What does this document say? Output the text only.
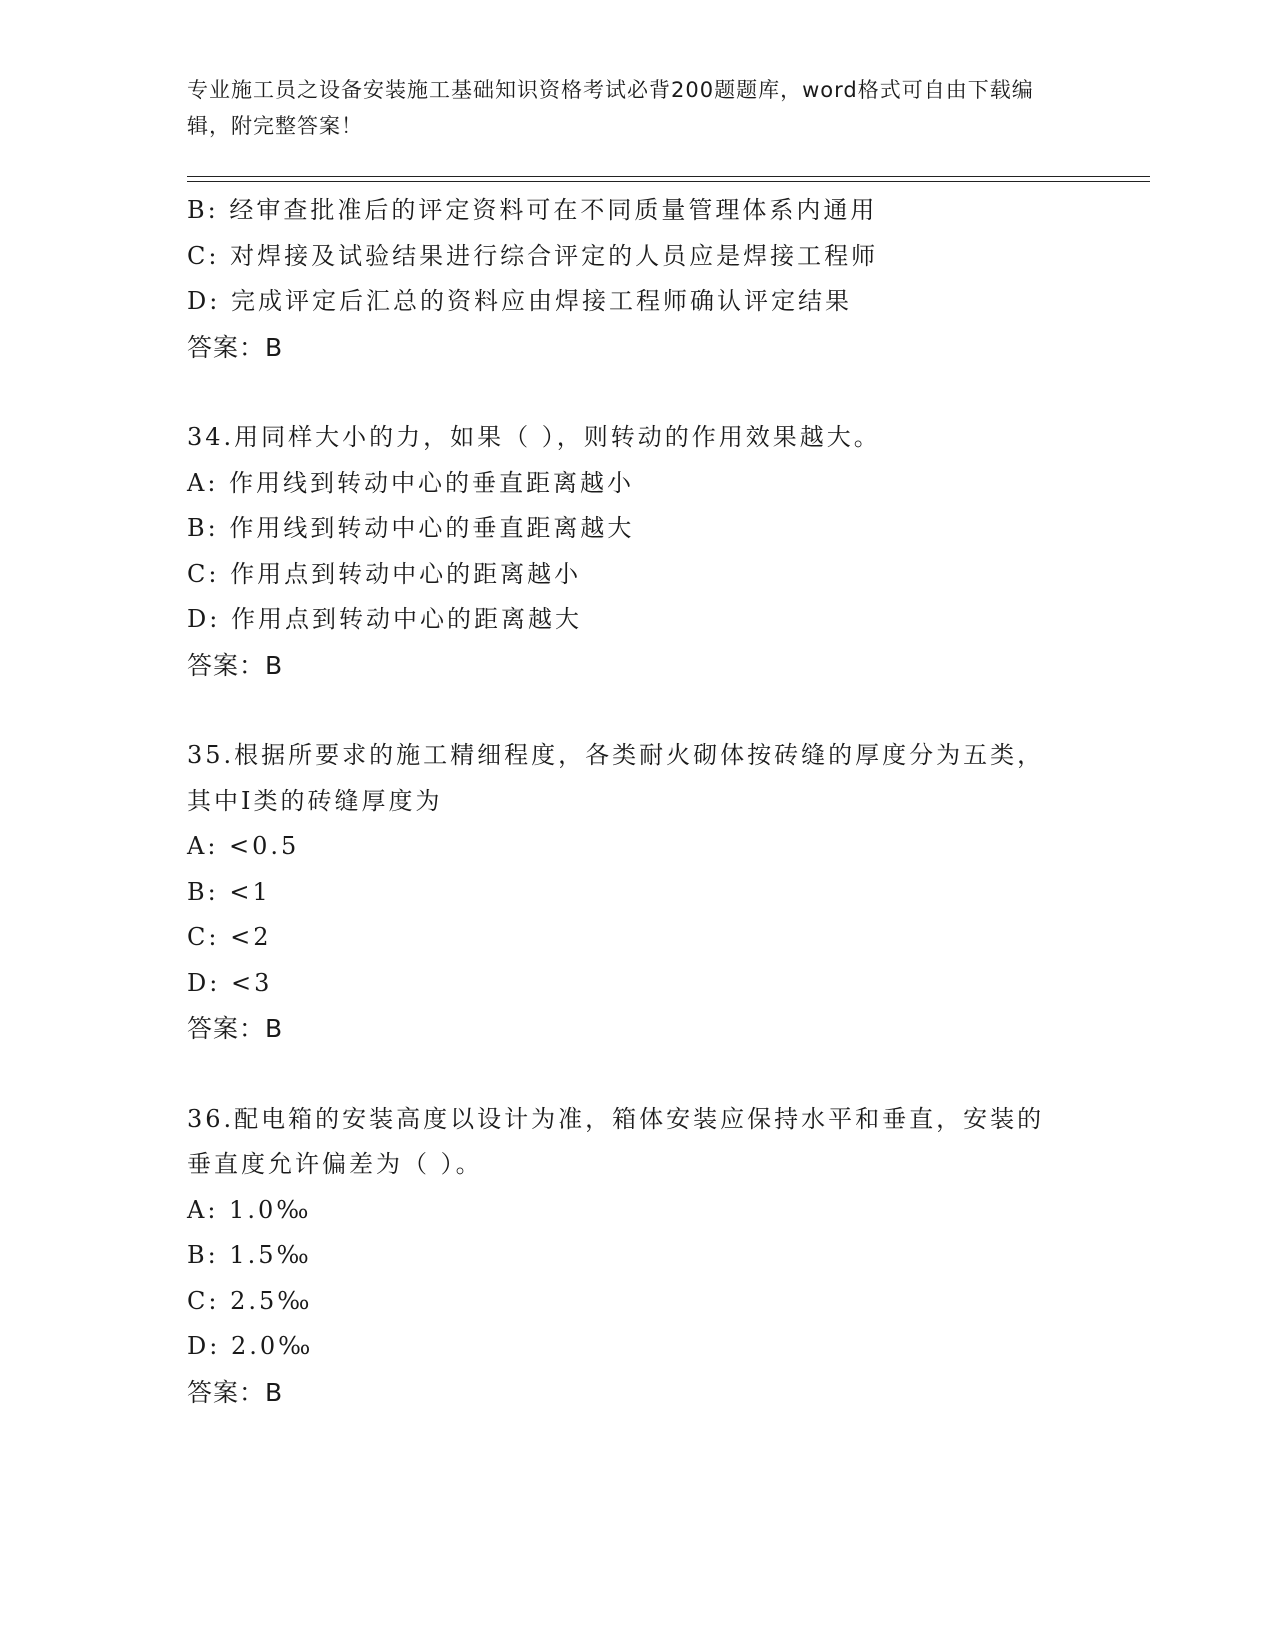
专业施工员之设备安装施工基础知识资格考试必背200题题库，word格式可自由下载编辑，附完整答案！
B: 经审查批准后的评定资料可在不同质量管理体系内通用
C: 对焊接及试验结果进行综合评定的人员应是焊接工程师
D: 完成评定后汇总的资料应由焊接工程师确认评定结果
答案：B
34.用同样大小的力，如果（ ），则转动的作用效果越大。
A: 作用线到转动中心的垂直距离越小
B: 作用线到转动中心的垂直距离越大
C: 作用点到转动中心的距离越小
D: 作用点到转动中心的距离越大
答案：B
35.根据所要求的施工精细程度，各类耐火砌体按砖缝的厚度分为五类，其中Ⅰ类的砖缝厚度为
A: <0.5
B: <1
C: <2
D: <3
答案：B
36.配电箱的安装高度以设计为准，箱体安装应保持水平和垂直，安装的垂直度允许偏差为（ ）。
A: 1.0‰
B: 1.5‰
C: 2.5‰
D: 2.0‰
答案：B
